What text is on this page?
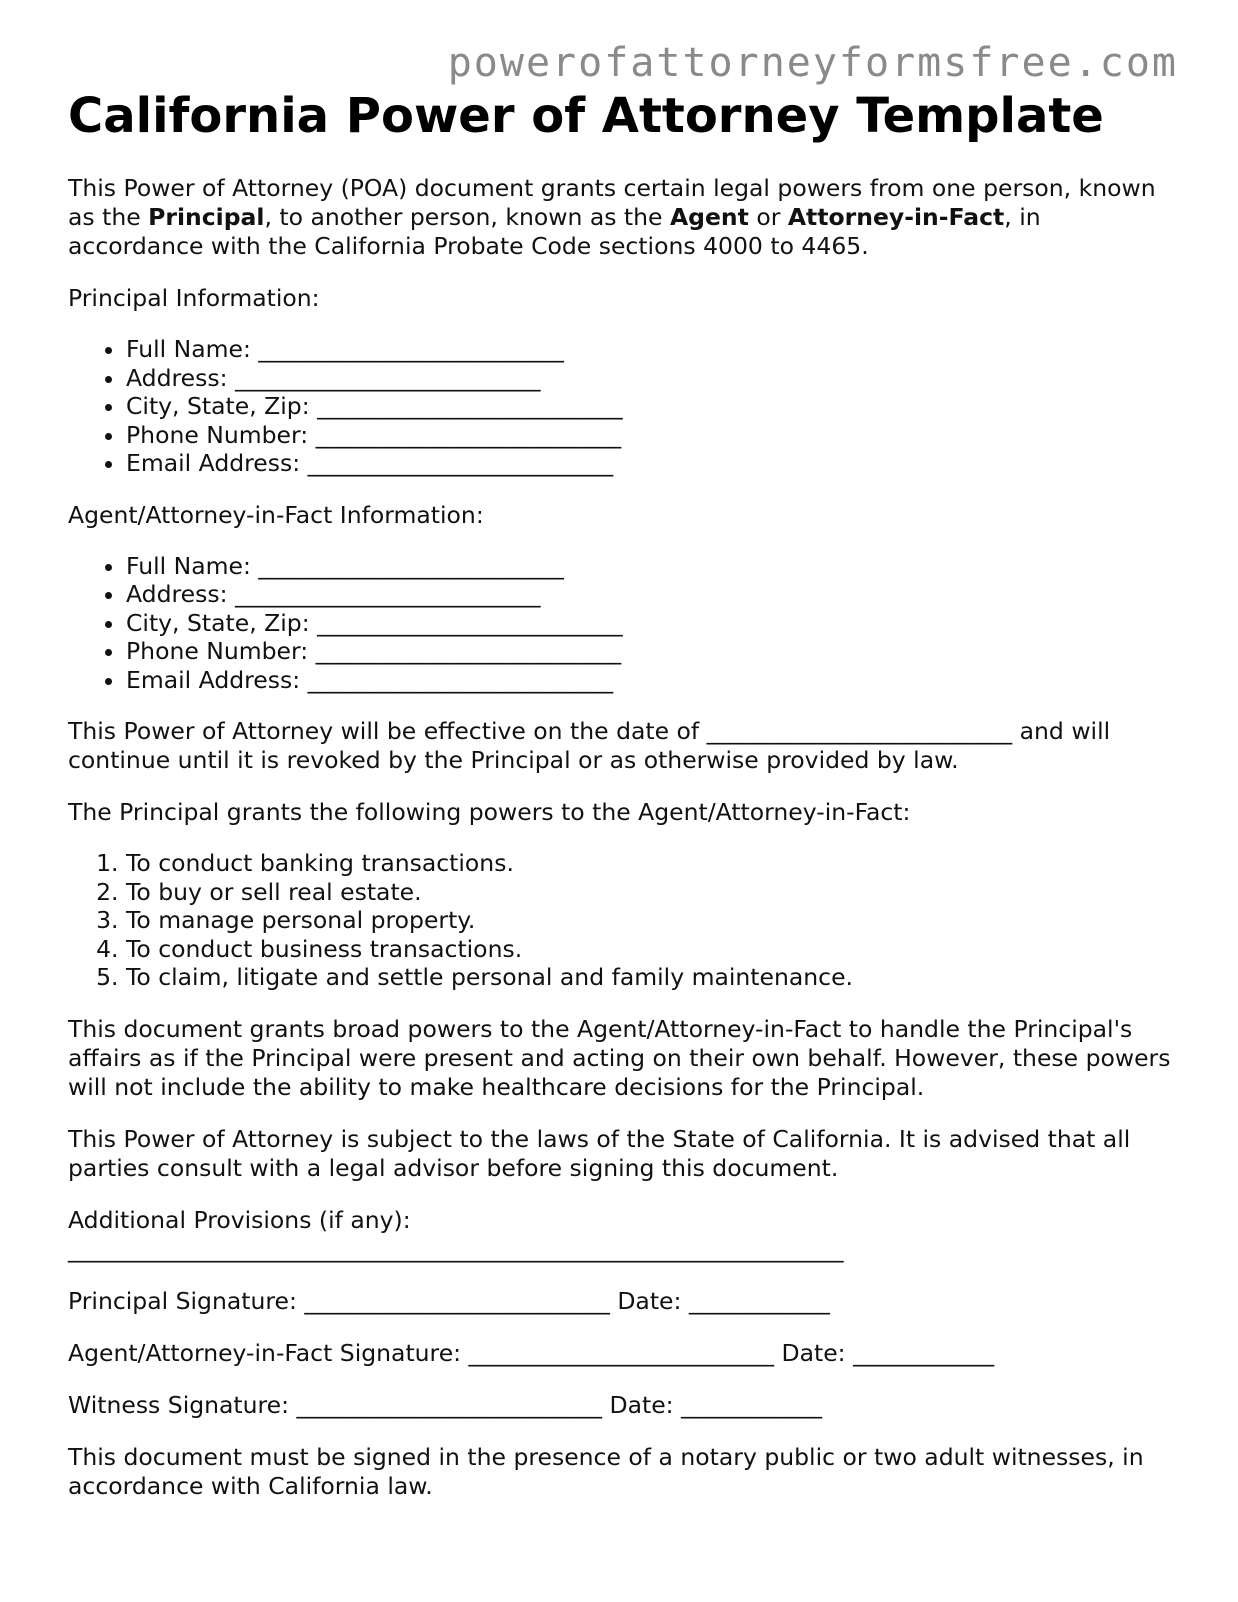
powerofattorneyformsfree.com
California Power of Attorney Template

This Power of Attorney (POA) document grants certain legal powers from one person, known as the Principal, to another person, known as the Agent or Attorney-in-Fact, in accordance with the California Probate Code sections 4000 to 4465.

Principal Information:

• Full Name: __________________________
• Address: __________________________
• City, State, Zip: __________________________
• Phone Number: __________________________
• Email Address: __________________________

Agent/Attorney-in-Fact Information:

• Full Name: __________________________
• Address: __________________________
• City, State, Zip: __________________________
• Phone Number: __________________________
• Email Address: __________________________

This Power of Attorney will be effective on the date of __________________________ and will continue until it is revoked by the Principal or as otherwise provided by law.

The Principal grants the following powers to the Agent/Attorney-in-Fact:

1. To conduct banking transactions.
2. To buy or sell real estate.
3. To manage personal property.
4. To conduct business transactions.
5. To claim, litigate and settle personal and family maintenance.

This document grants broad powers to the Agent/Attorney-in-Fact to handle the Principal's affairs as if the Principal were present and acting on their own behalf. However, these powers will not include the ability to make healthcare decisions for the Principal.

This Power of Attorney is subject to the laws of the State of California. It is advised that all parties consult with a legal advisor before signing this document.

Additional Provisions (if any):

__________________________________________________________________

Principal Signature: __________________________ Date: ____________

Agent/Attorney-in-Fact Signature: __________________________ Date: ____________

Witness Signature: __________________________ Date: ____________

This document must be signed in the presence of a notary public or two adult witnesses, in accordance with California law.
